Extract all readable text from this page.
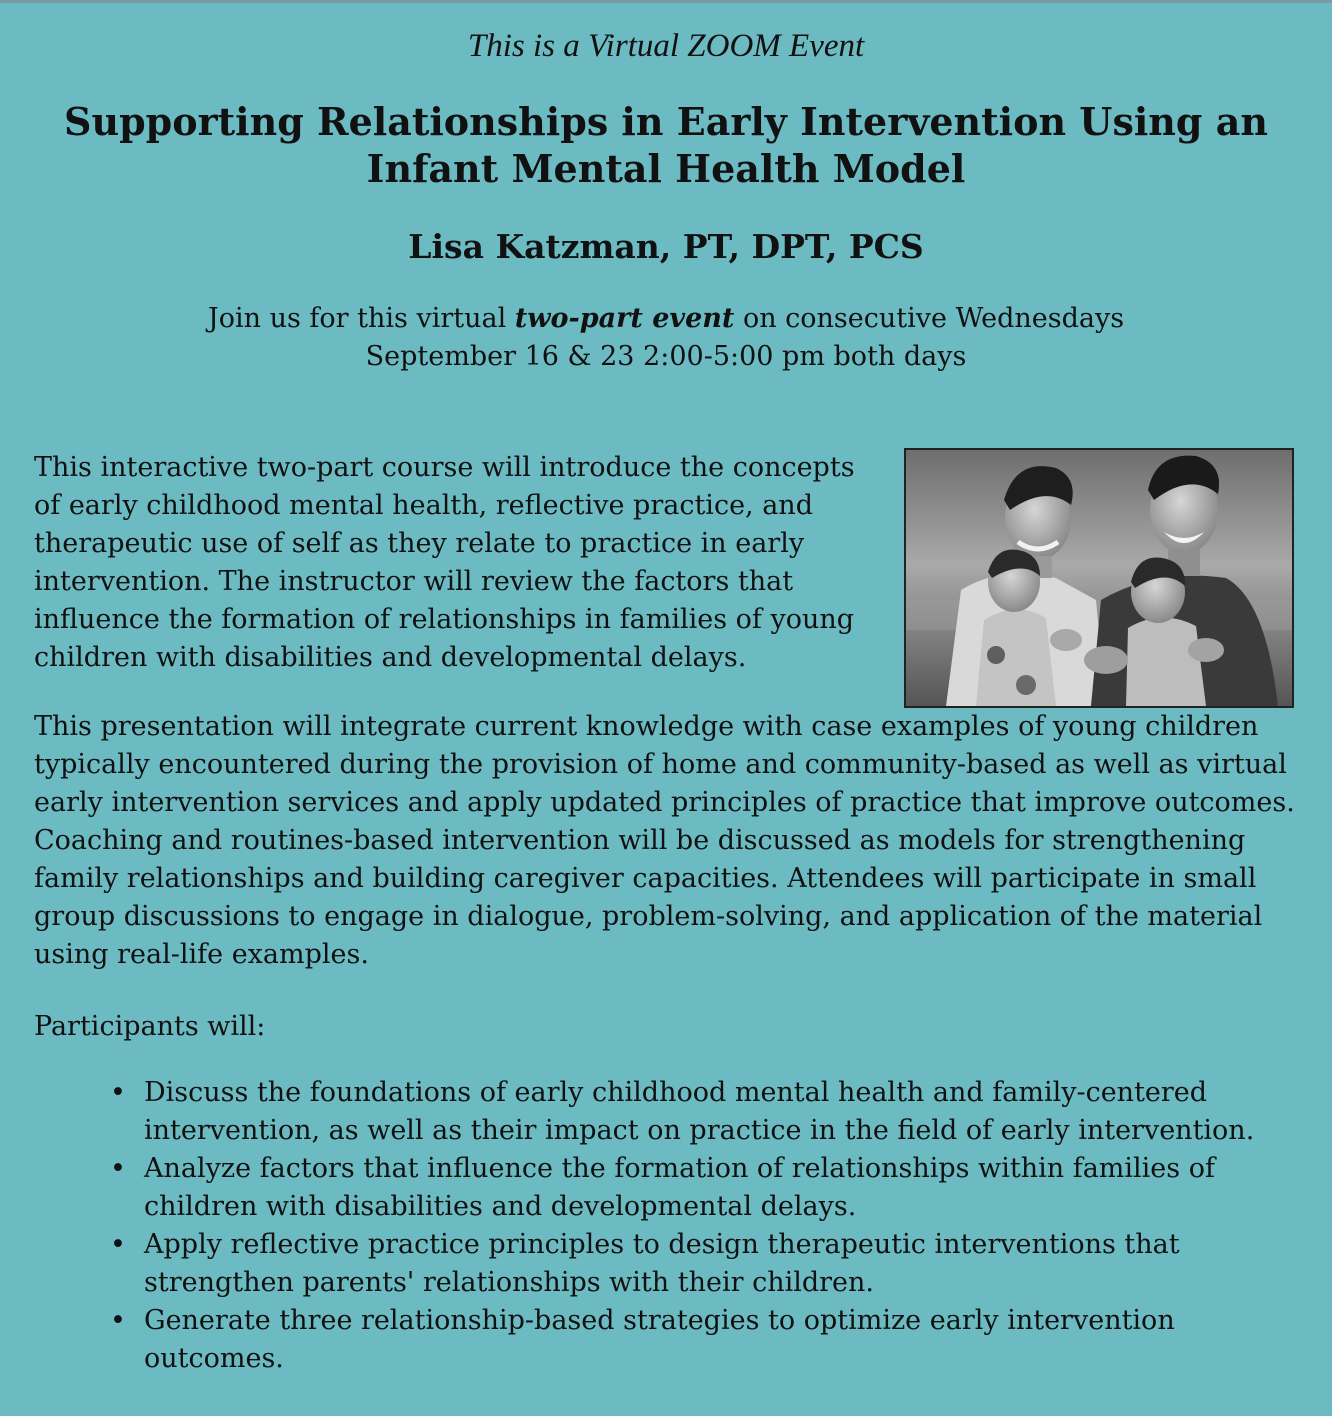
This is a Virtual ZOOM Event
Supporting Relationships in Early Intervention Using an Infant Mental Health Model
Lisa Katzman, PT, DPT, PCS
Join us for this virtual two-part event on consecutive Wednesdays
September 16 & 23 2:00-5:00 pm both days

This interactive two-part course will introduce the concepts of early childhood mental health, reflective practice, and therapeutic use of self as they relate to practice in early intervention. The instructor will review the factors that influence the formation of relationships in families of young children with disabilities and developmental delays.

This presentation will integrate current knowledge with case examples of young children typically encountered during the provision of home and community-based as well as virtual early intervention services and apply updated principles of practice that improve outcomes. Coaching and routines-based intervention will be discussed as models for strengthening family relationships and building caregiver capacities. Attendees will participate in small group discussions to engage in dialogue, problem-solving, and application of the material using real-life examples.

Participants will:
• Discuss the foundations of early childhood mental health and family-centered intervention, as well as their impact on practice in the field of early intervention.
• Analyze factors that influence the formation of relationships within families of children with disabilities and developmental delays.
• Apply reflective practice principles to design therapeutic interventions that strengthen parents' relationships with their children.
• Generate three relationship-based strategies to optimize early intervention outcomes.
